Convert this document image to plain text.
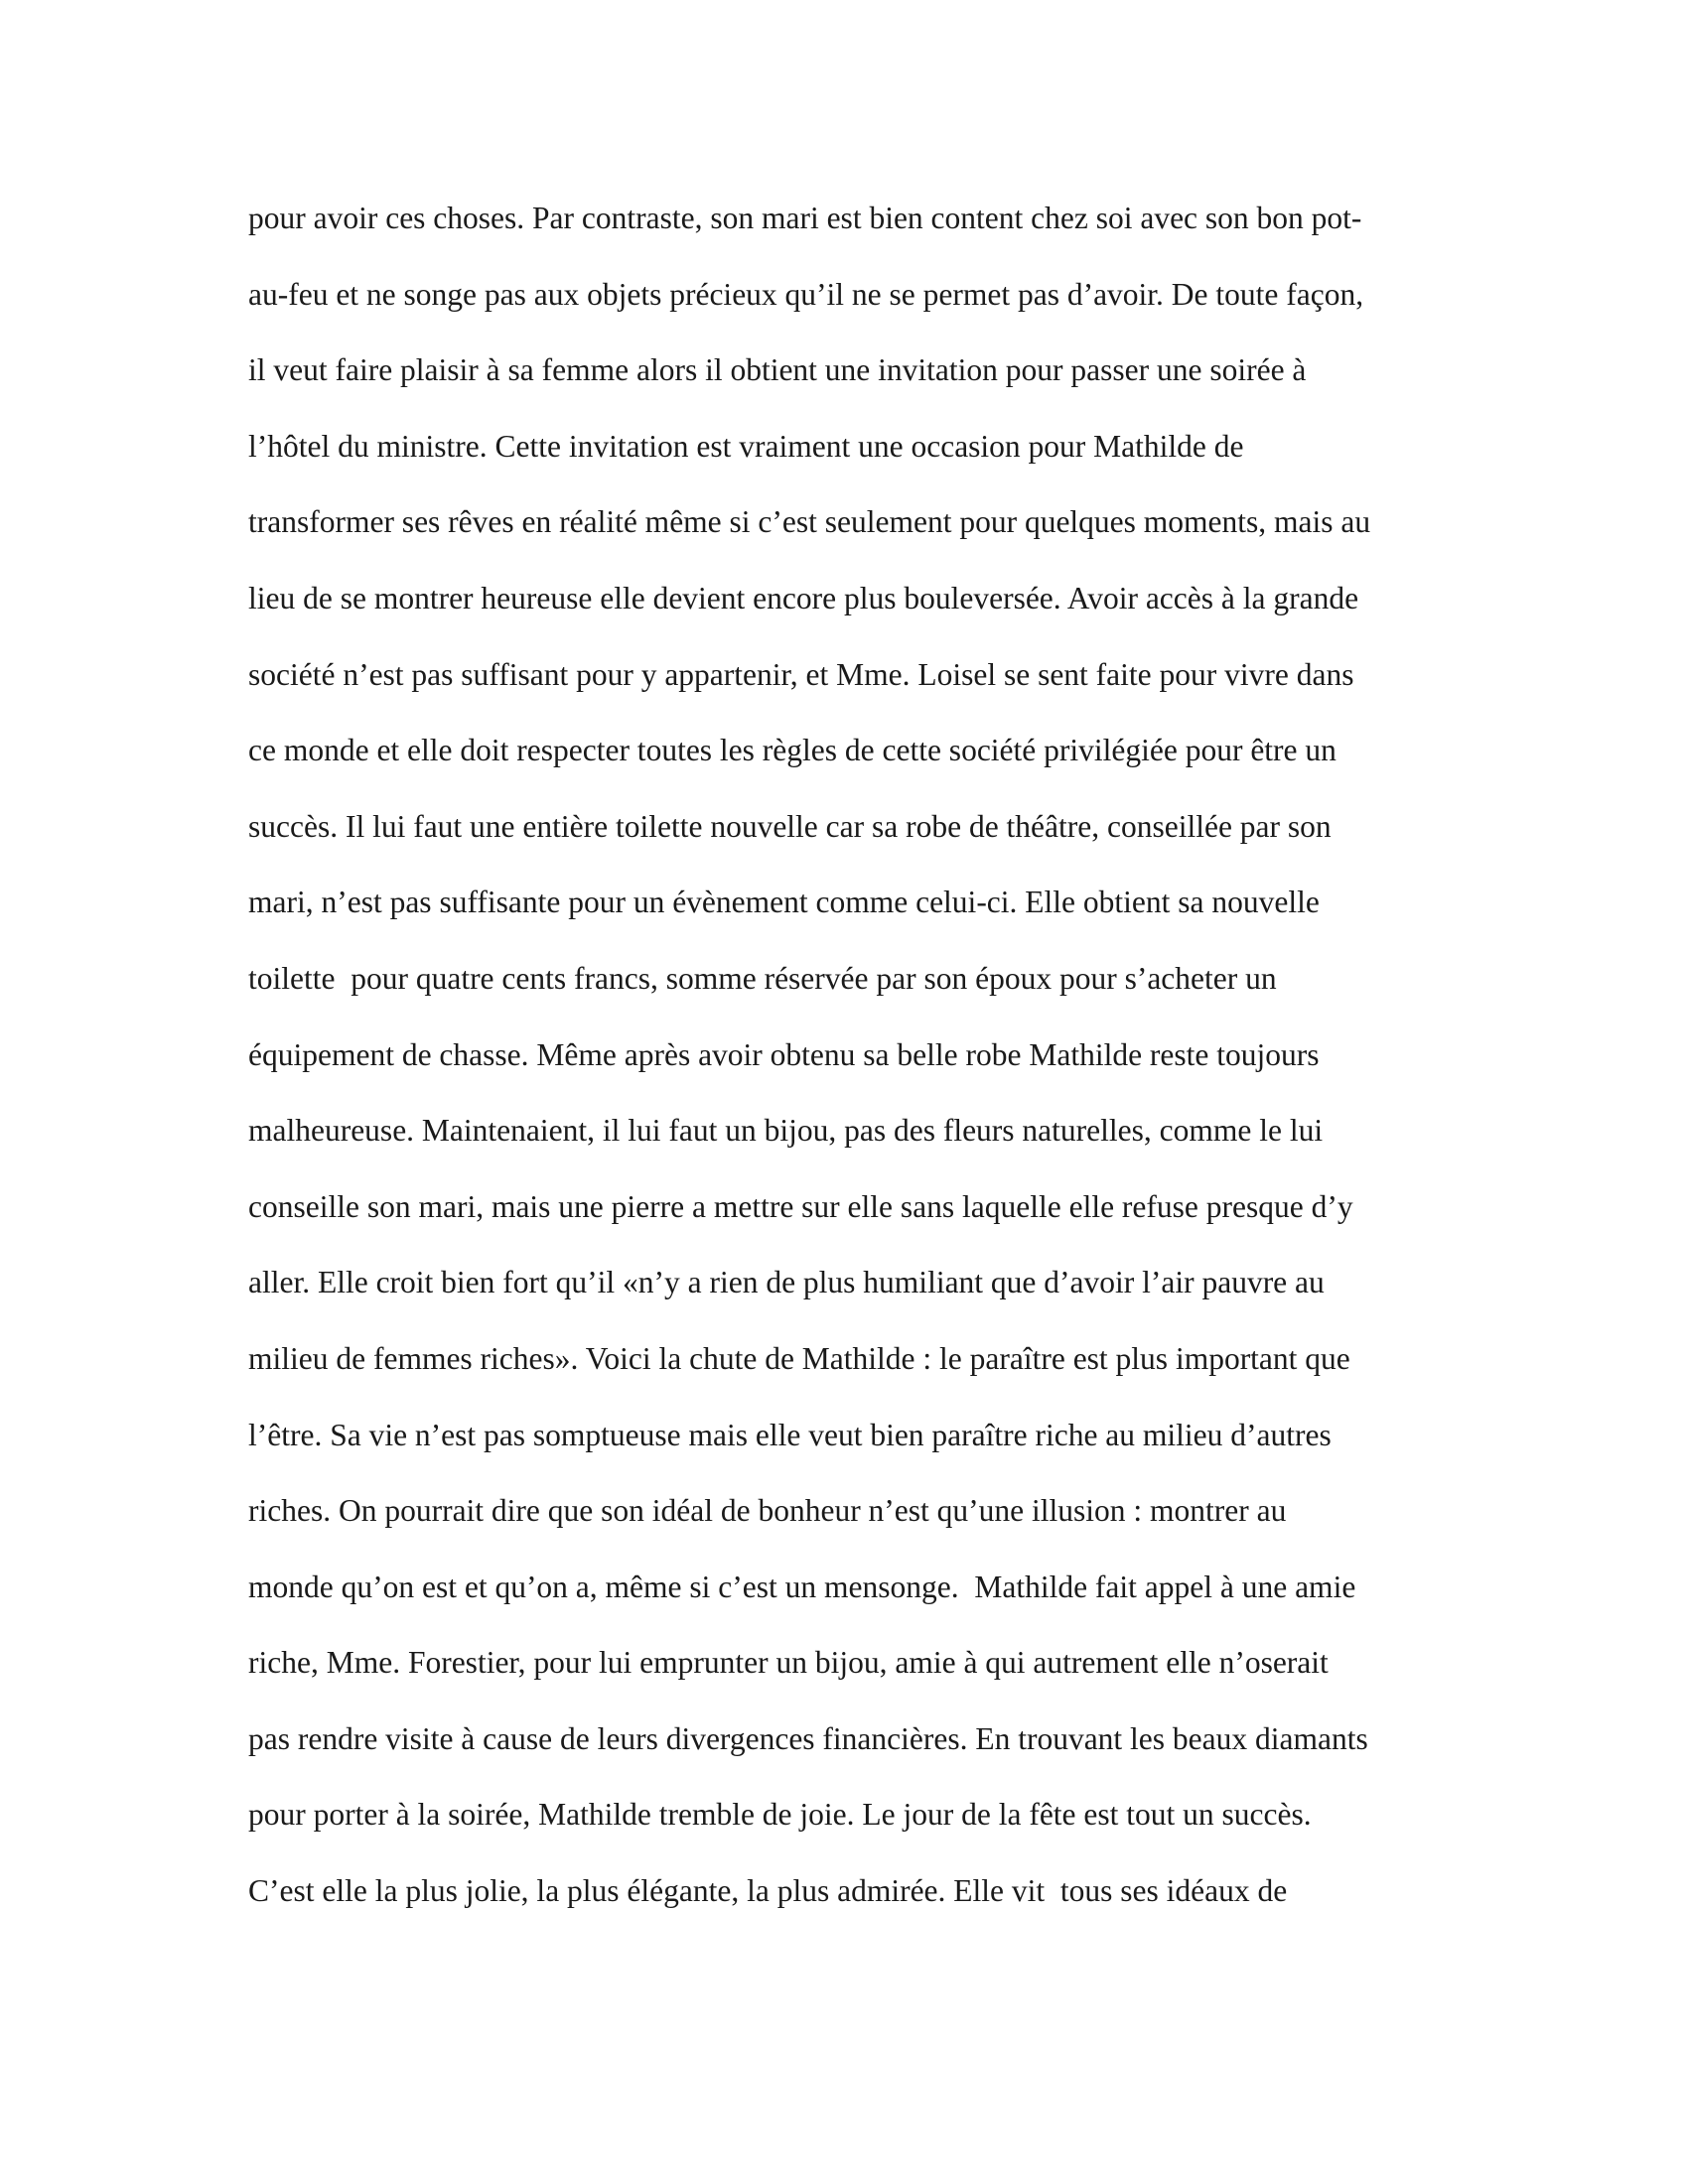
pour avoir ces choses. Par contraste, son mari est bien content chez soi avec son bon pot-
au-feu et ne songe pas aux objets précieux qu’il ne se permet pas d’avoir. De toute façon,
il veut faire plaisir à sa femme alors il obtient une invitation pour passer une soirée à
l’hôtel du ministre. Cette invitation est vraiment une occasion pour Mathilde de
transformer ses rêves en réalité même si c’est seulement pour quelques moments, mais au
lieu de se montrer heureuse elle devient encore plus bouleversée. Avoir accès à la grande
société n’est pas suffisant pour y appartenir, et Mme. Loisel se sent faite pour vivre dans
ce monde et elle doit respecter toutes les règles de cette société privilégiée pour être un
succès. Il lui faut une entière toilette nouvelle car sa robe de théâtre, conseillée par son
mari, n’est pas suffisante pour un évènement comme celui-ci. Elle obtient sa nouvelle
toilette  pour quatre cents francs, somme réservée par son époux pour s’acheter un
équipement de chasse. Même après avoir obtenu sa belle robe Mathilde reste toujours
malheureuse. Maintenaient, il lui faut un bijou, pas des fleurs naturelles, comme le lui
conseille son mari, mais une pierre a mettre sur elle sans laquelle elle refuse presque d’y
aller. Elle croit bien fort qu’il «n’y a rien de plus humiliant que d’avoir l’air pauvre au
milieu de femmes riches». Voici la chute de Mathilde : le paraître est plus important que
l’être. Sa vie n’est pas somptueuse mais elle veut bien paraître riche au milieu d’autres
riches. On pourrait dire que son idéal de bonheur n’est qu’une illusion : montrer au
monde qu’on est et qu’on a, même si c’est un mensonge.  Mathilde fait appel à une amie
riche, Mme. Forestier, pour lui emprunter un bijou, amie à qui autrement elle n’oserait
pas rendre visite à cause de leurs divergences financières. En trouvant les beaux diamants
pour porter à la soirée, Mathilde tremble de joie. Le jour de la fête est tout un succès.
C’est elle la plus jolie, la plus élégante, la plus admirée. Elle vit  tous ses idéaux de
